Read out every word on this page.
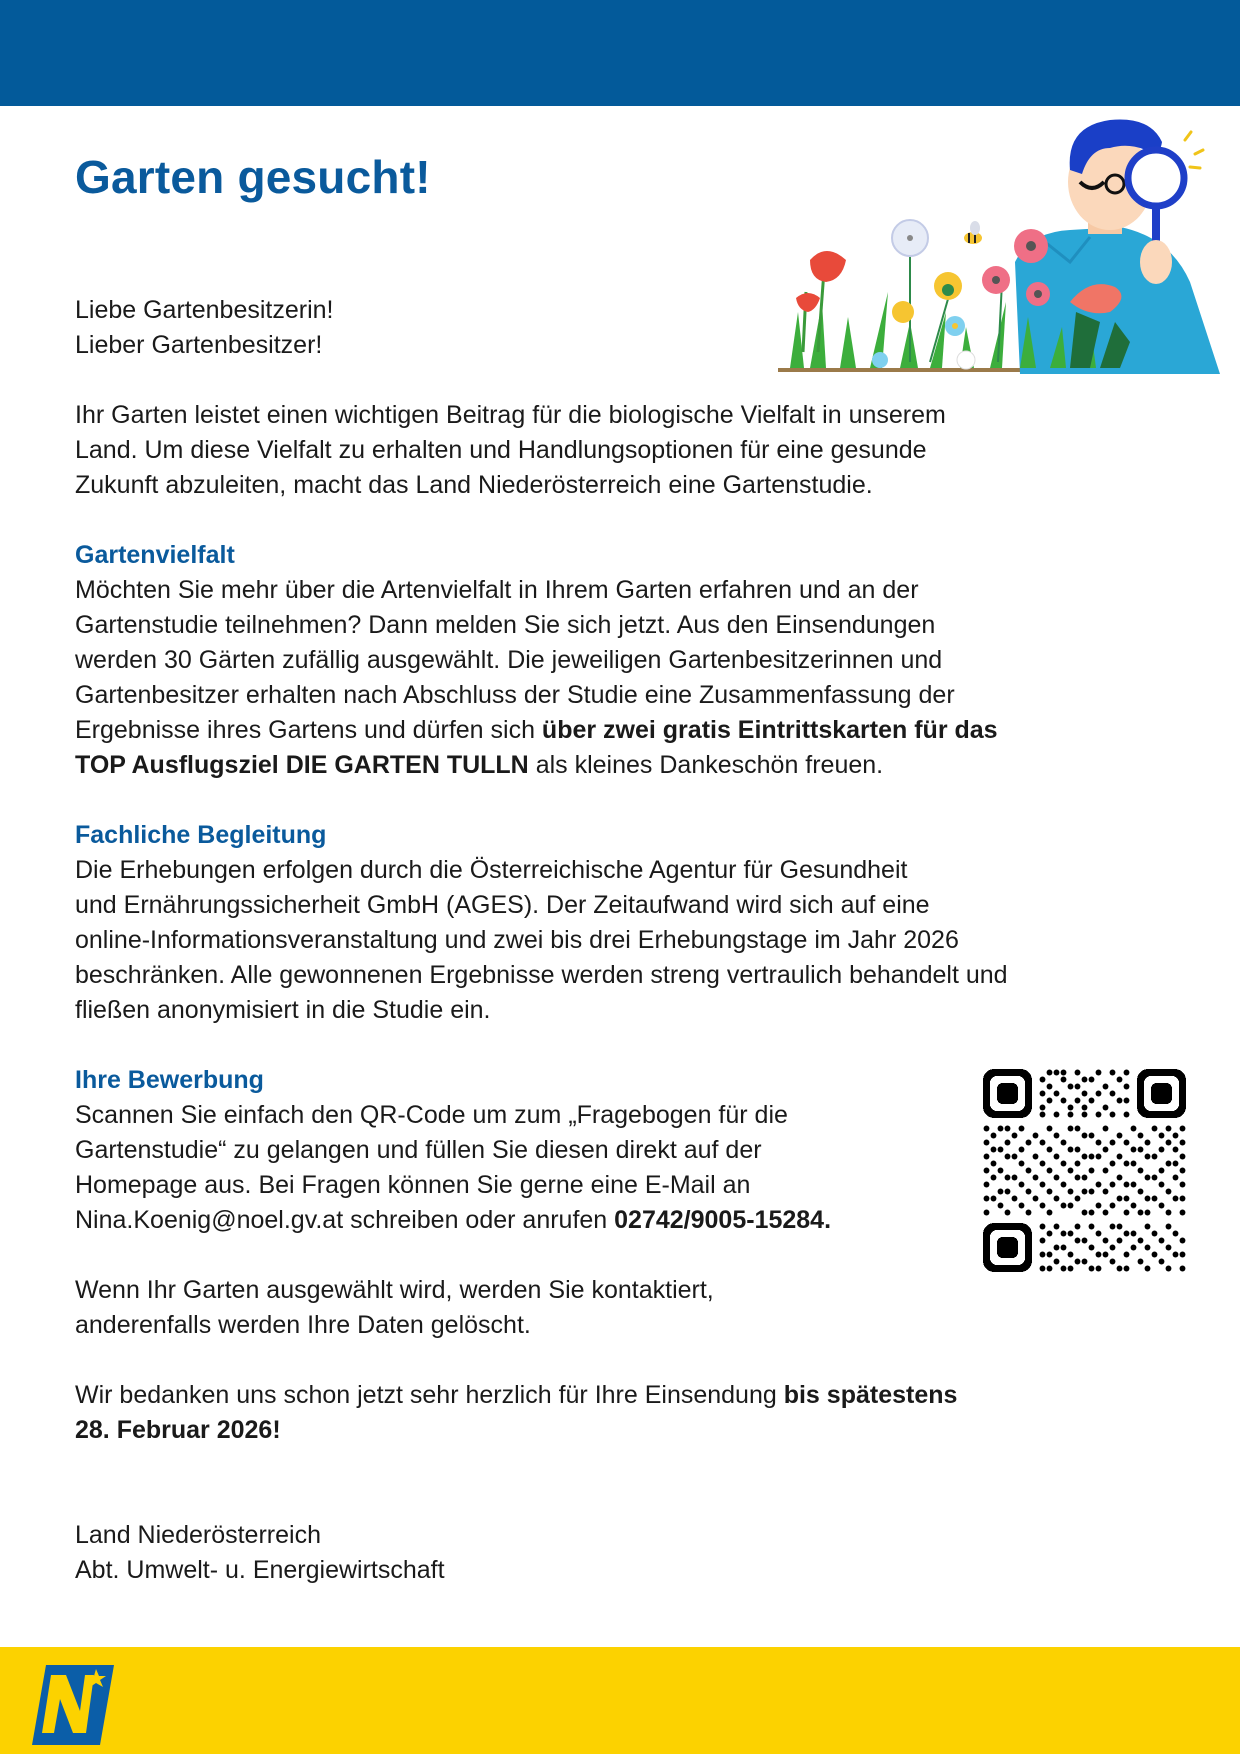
Garten gesucht!

Liebe Gartenbesitzerin!

Lieber Gartenbesitzer!

Ihr Garten leistet einen wichtigen Beitrag für die biologische Vielfalt in unserem

Land. Um diese Vielfalt zu erhalten und Handlungsoptionen für eine gesunde

Zukunft abzuleiten, macht das Land Niederösterreich eine Gartenstudie.

Gartenvielfalt

Möchten Sie mehr über die Artenvielfalt in Ihrem Garten erfahren und an der

Gartenstudie teilnehmen? Dann melden Sie sich jetzt. Aus den Einsendungen

werden 30 Gärten zufällig ausgewählt. Die jeweiligen Gartenbesitzerinnen und

Gartenbesitzer erhalten nach Abschluss der Studie eine Zusammenfassung der

Ergebnisse ihres Gartens und dürfen sich über zwei gratis Eintrittskarten für das

TOP Ausflugsziel DIE GARTEN TULLN als kleines Dankeschön freuen.

Fachliche Begleitung

Die Erhebungen erfolgen durch die Österreichische Agentur für Gesundheit

und Ernährungssicherheit GmbH (AGES). Der Zeitaufwand wird sich auf eine

online-Informationsveranstaltung und zwei bis drei Erhebungstage im Jahr 2026

beschränken. Alle gewonnenen Ergebnisse werden streng vertraulich behandelt und

fließen anonymisiert in die Studie ein.

Ihre Bewerbung

Scannen Sie einfach den QR-Code um zum „Fragebogen für die

Gartenstudie“ zu gelangen und füllen Sie diesen direkt auf der

Homepage aus. Bei Fragen können Sie gerne eine E-Mail an

Nina.Koenig@noel.gv.at schreiben oder anrufen 02742/9005-15284.

Wenn Ihr Garten ausgewählt wird, werden Sie kontaktiert,

anderenfalls werden Ihre Daten gelöscht.

Wir bedanken uns schon jetzt sehr herzlich für Ihre Einsendung bis spätestens

28. Februar 2026!

Land Niederösterreich

Abt. Umwelt- u. Energiewirtschaft
